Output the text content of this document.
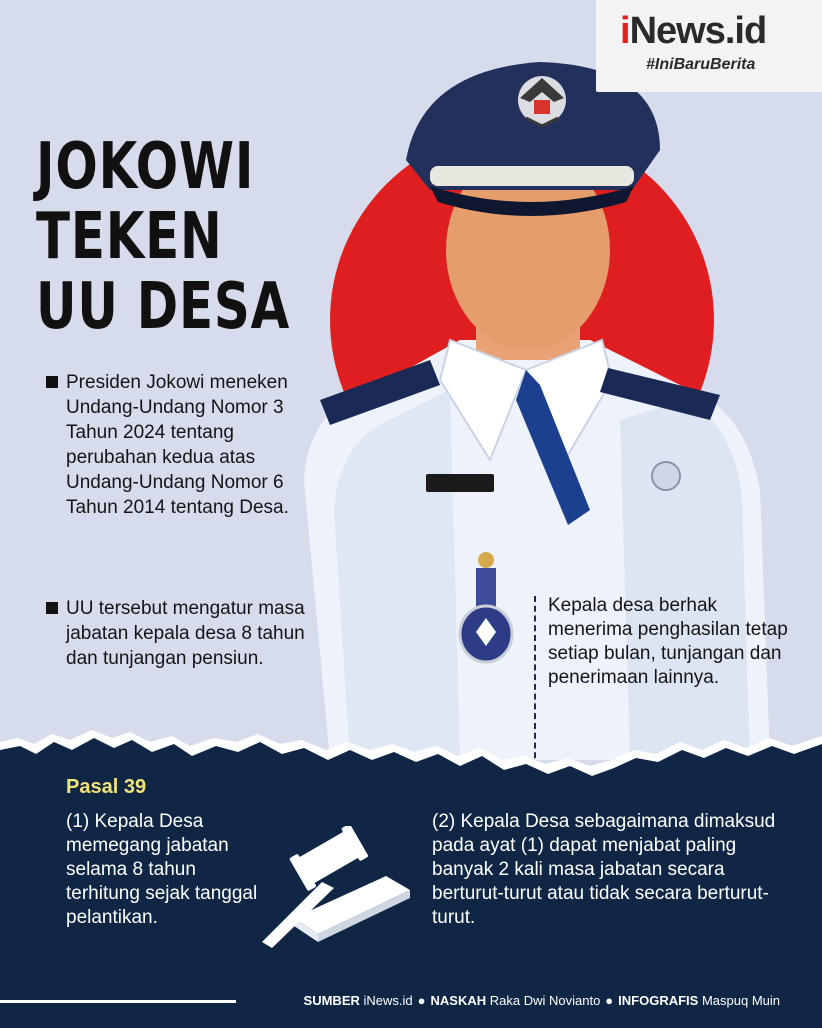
iNews.id
#IniBaruBerita
JOKOWI
TEKEN
UU DESA
Presiden Jokowi meneken Undang-Undang Nomor 3 Tahun 2024 tentang perubahan kedua atas Undang-Undang Nomor 6 Tahun 2014 tentang Desa.
UU tersebut mengatur masa jabatan kepala desa 8 tahun dan tunjangan pensiun.
Kepala desa berhak menerima penghasilan tetap setiap bulan, tunjangan dan penerimaan lainnya.
Pasal 39
(1) Kepala Desa memegang jabatan selama 8 tahun terhitung sejak tanggal pelantikan.
(2) Kepala Desa sebagaimana dimaksud pada ayat (1) dapat menjabat paling banyak 2 kali masa jabatan secara berturut-turut atau tidak secara berturut-turut.
SUMBER iNews.id ● NASKAH Raka Dwi Novianto ● INFOGRAFIS Maspuq Muin
